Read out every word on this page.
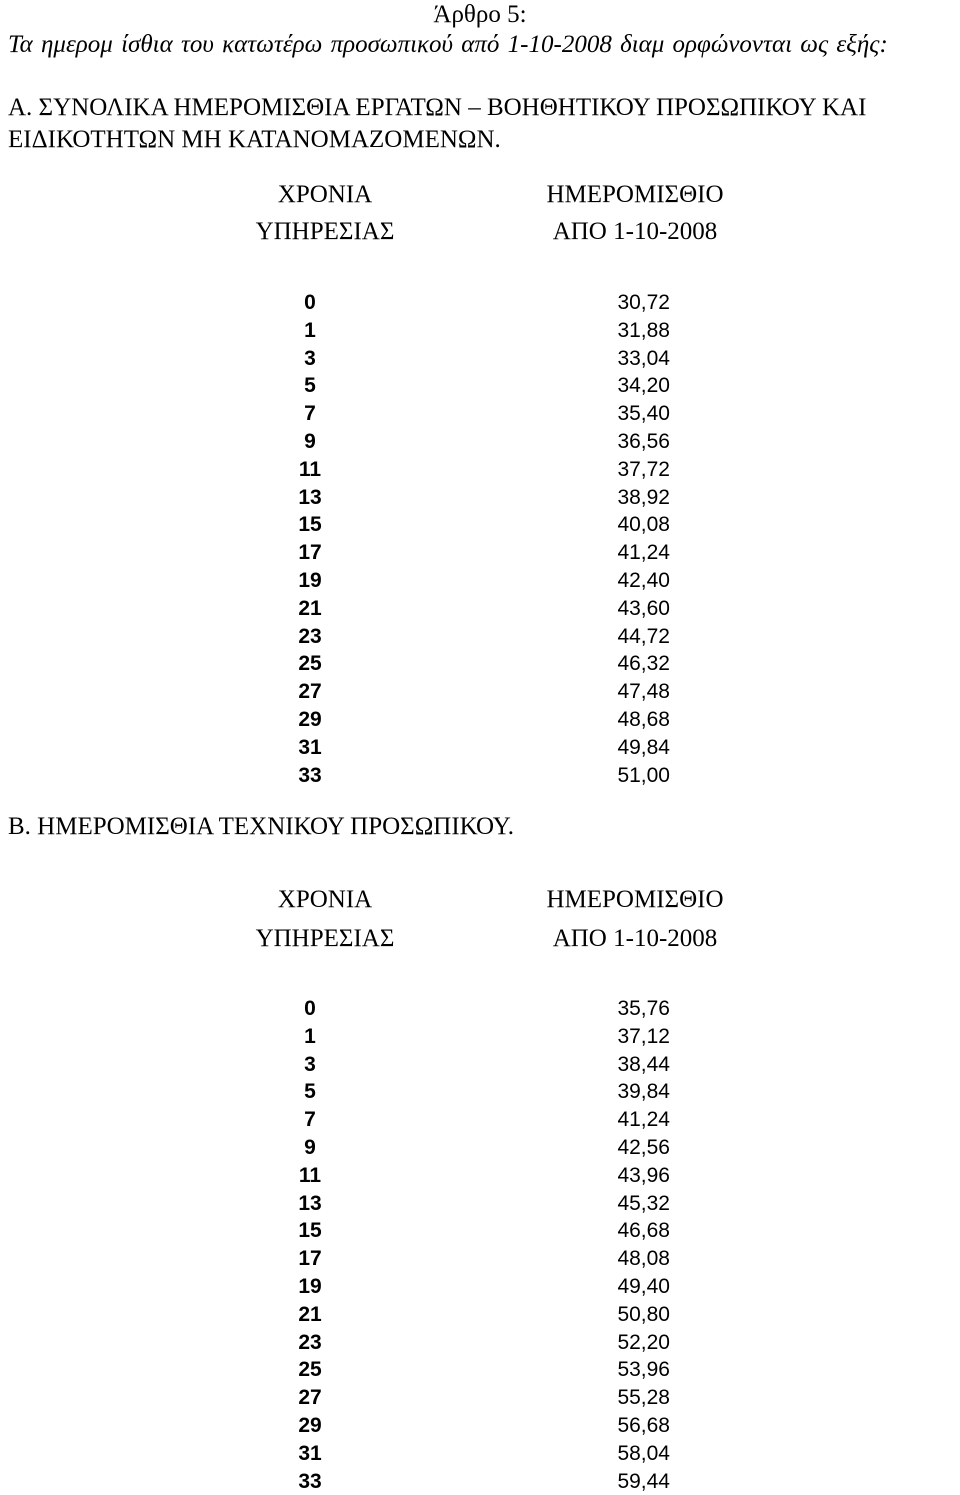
Άρθρο 5:
Τα ημερομ ίσθια του κατωτέρω προσωπικού από 1-10-2008 διαμ ορφώνονται ως εξής:
Α. ΣΥΝΟΛΙΚΑ ΗΜΕΡΟΜΙΣΘΙΑ ΕΡΓΑΤΩΝ – ΒΟΗΘΗΤΙΚΟΥ ΠΡΟΣΩΠΙΚΟΥ ΚΑΙ
ΕΙΔΙΚΟΤΗΤΩΝ ΜΗ ΚΑΤΑΝΟΜΑΖΟΜΕΝΩΝ.
ΧΡΟΝΙΑ
ΥΠΗΡΕΣΙΑΣ
ΗΜΕΡΟΜΙΣΘΙΟ
ΑΠΟ 1-10-2008
0	30,72
1	31,88
3	33,04
5	34,20
7	35,40
9	36,56
11	37,72
13	38,92
15	40,08
17	41,24
19	42,40
21	43,60
23	44,72
25	46,32
27	47,48
29	48,68
31	49,84
33	51,00
Β. ΗΜΕΡΟΜΙΣΘΙΑ ΤΕΧΝΙΚΟΥ ΠΡΟΣΩΠΙΚΟΥ.
ΧΡΟΝΙΑ
ΥΠΗΡΕΣΙΑΣ
ΗΜΕΡΟΜΙΣΘΙΟ
ΑΠΟ 1-10-2008
0	35,76
1	37,12
3	38,44
5	39,84
7	41,24
9	42,56
11	43,96
13	45,32
15	46,68
17	48,08
19	49,40
21	50,80
23	52,20
25	53,96
27	55,28
29	56,68
31	58,04
33	59,44
